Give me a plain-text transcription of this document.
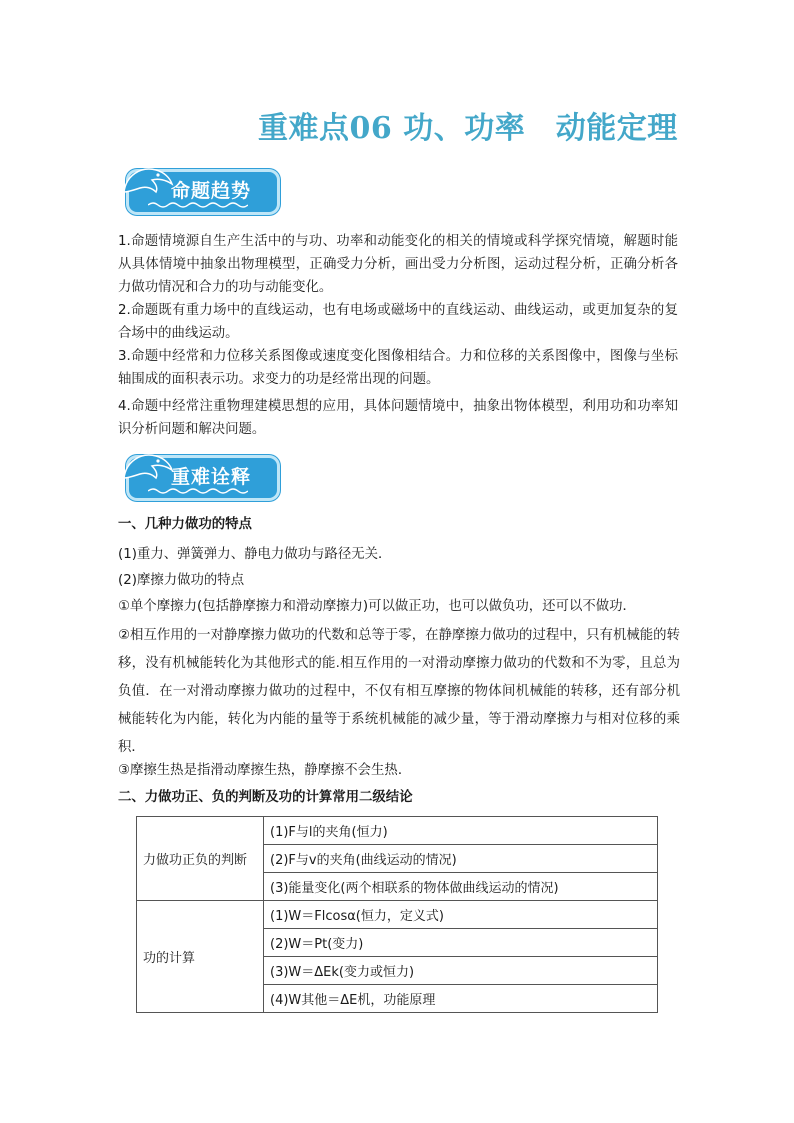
重难点06 功、功率　动能定理
命题趋势
1.命题情境源自生产生活中的与功、功率和动能变化的相关的情境或科学探究情境，解题时能从具体情境中抽象出物理模型，正确受力分析，画出受力分析图，运动过程分析，正确分析各力做功情况和合力的功与动能变化。
2.命题既有重力场中的直线运动，也有电场或磁场中的直线运动、曲线运动，或更加复杂的复合场中的曲线运动。
3.命题中经常和力位移关系图像或速度变化图像相结合。力和位移的关系图像中，图像与坐标轴围成的面积表示功。求变力的功是经常出现的问题。
4.命题中经常注重物理建模思想的应用，具体问题情境中，抽象出物体模型，利用功和功率知识分析问题和解决问题。
重难诠释
一、几种力做功的特点
(1)重力、弹簧弹力、静电力做功与路径无关．
(2)摩擦力做功的特点
①单个摩擦力(包括静摩擦力和滑动摩擦力)可以做正功，也可以做负功，还可以不做功．
②相互作用的一对静摩擦力做功的代数和总等于零，在静摩擦力做功的过程中，只有机械能的转移，没有机械能转化为其他形式的能.相互作用的一对滑动摩擦力做功的代数和不为零，且总为负值．在一对滑动摩擦力做功的过程中，不仅有相互摩擦的物体间机械能的转移，还有部分机械能转化为内能，转化为内能的量等于系统机械能的减少量，等于滑动摩擦力与相对位移的乘积．
③摩擦生热是指滑动摩擦生热，静摩擦不会生热．
二、力做功正、负的判断及功的计算常用二级结论
力做功正负的判断	(1)F与l的夹角(恒力)
	(2)F与v的夹角(曲线运动的情况)
	(3)能量变化(两个相联系的物体做曲线运动的情况)
功的计算	(1)W＝Flcosα(恒力，定义式)
	(2)W＝Pt(变力)
	(3)W＝ΔEk(变力或恒力)
	(4)W其他＝ΔE机，功能原理
